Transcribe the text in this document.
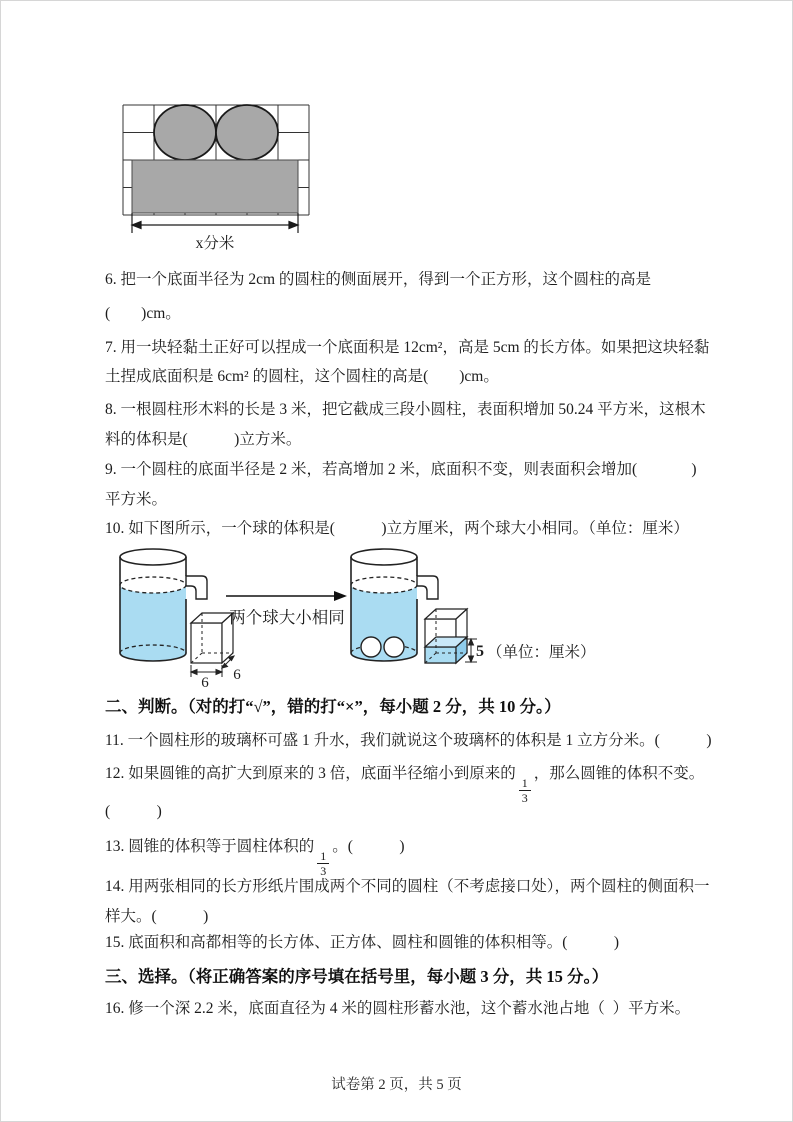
x分米
6. 把一个底面半径为 2cm 的圆柱的侧面展开，得到一个正方形，这个圆柱的高是
(        )cm。
7. 用一块轻黏土正好可以捏成一个底面积是 12cm²，高是 5cm 的长方体。如果把这块轻黏
土捏成底面积是 6cm² 的圆柱，这个圆柱的高是(        )cm。
8. 一根圆柱形木料的长是 3 米，把它截成三段小圆柱，表面积增加 50.24 平方米，这根木
料的体积是(            )立方米。
9. 一个圆柱的底面半径是 2 米，若高增加 2 米，底面积不变，则表面积会增加(              )
平方米。
10. 如下图所示，一个球的体积是(            )立方厘米，两个球大小相同。（单位：厘米）
6 6
两个球大小相同
5 （单位：厘米）
二、判断。（对的打“√”，错的打“×”，每小题 2 分，共 10 分。）
11. 一个圆柱形的玻璃杯可盛 1 升水，我们就说这个玻璃杯的体积是 1 立方分米。(            )
12. 如果圆锥的高扩大到原来的 3 倍，底面半径缩小到原来的
$\frac{1}{3}$
，那么圆锥的体积不变。
(            )
13. 圆锥的体积等于圆柱体积的
$\frac{1}{3}$
。(            )
14. 用两张相同的长方形纸片围成两个不同的圆柱（不考虑接口处），两个圆柱的侧面积一
样大。(            )
15. 底面积和高都相等的长方体、正方体、圆柱和圆锥的体积相等。(            )
三、选择。（将正确答案的序号填在括号里，每小题 3 分，共 15 分。）
16. 修一个深 2.2 米，底面直径为 4 米的圆柱形蓄水池，这个蓄水池占地（  ）平方米。
试卷第 2 页，共 5 页
